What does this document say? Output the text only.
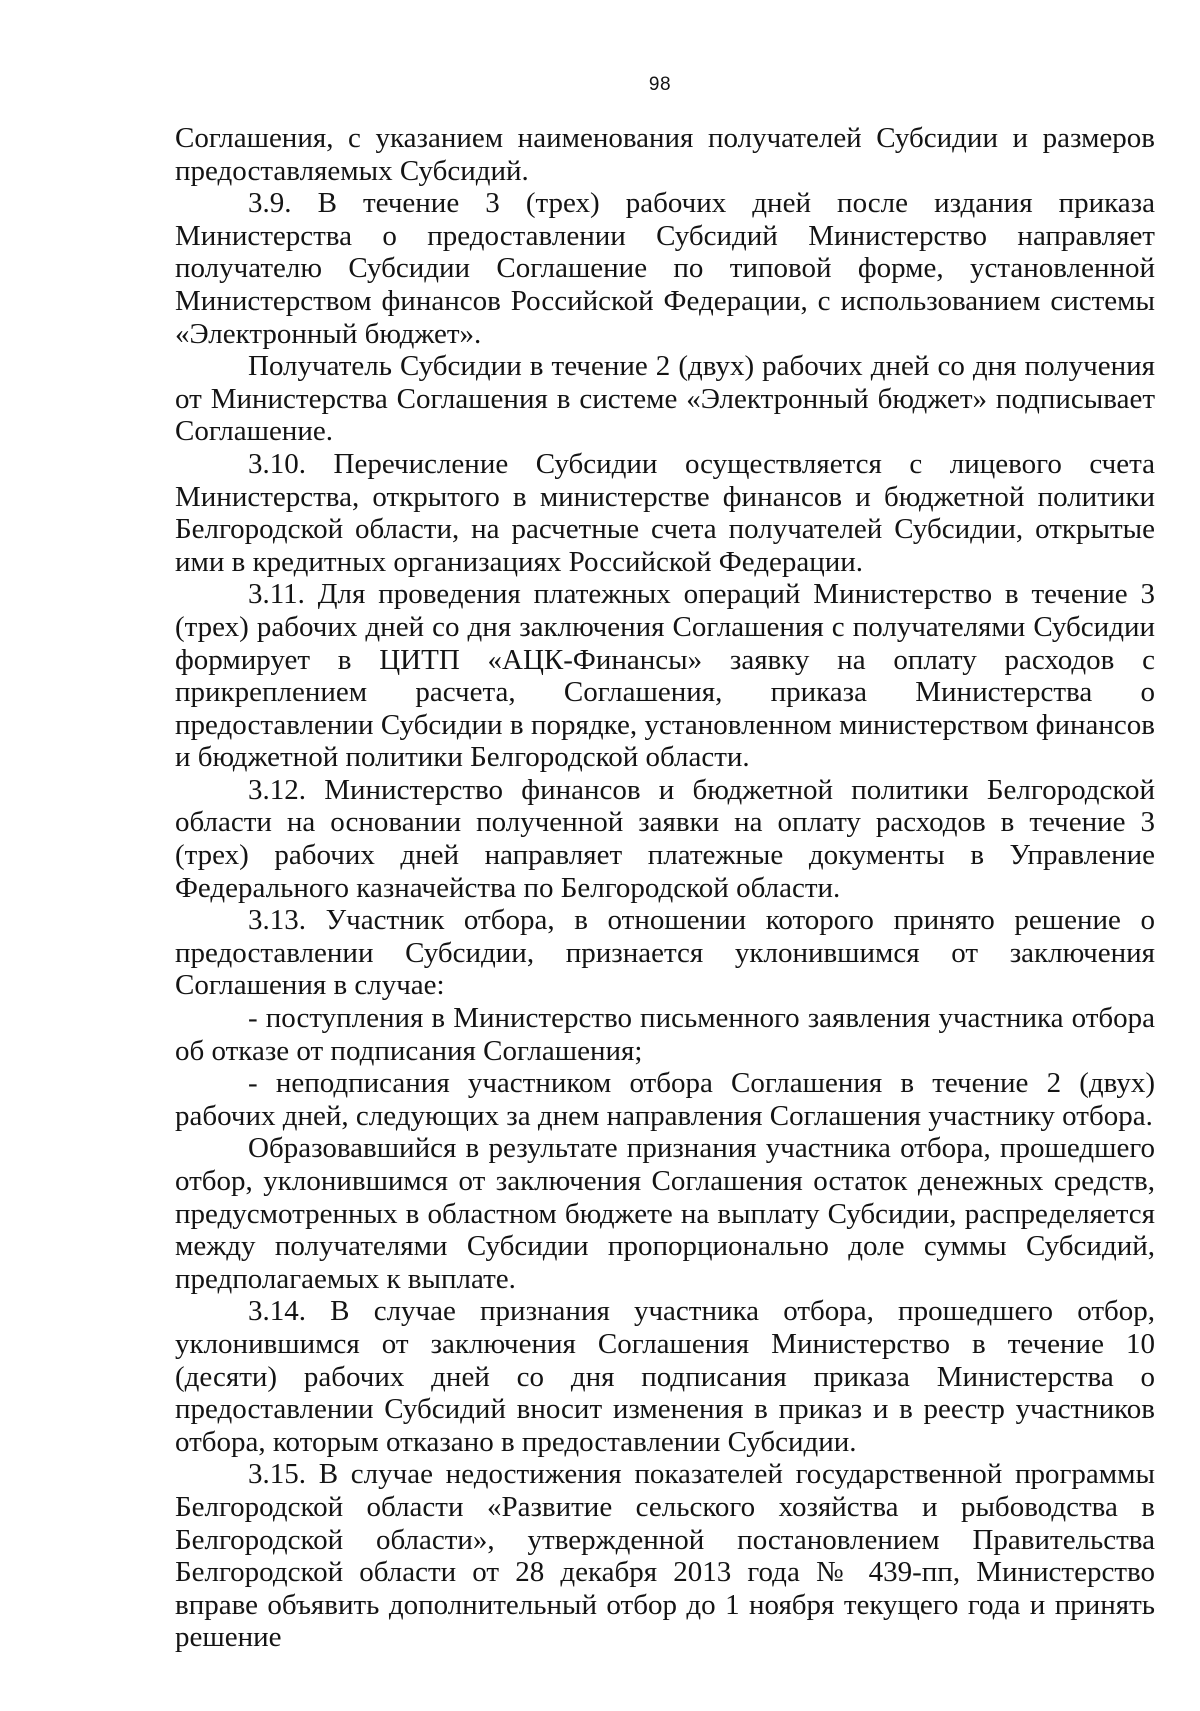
98

Соглашения, с указанием наименования получателей Субсидии и размеров предоставляемых Субсидий.

3.9. В течение 3 (трех) рабочих дней после издания приказа Министерства о предоставлении Субсидий Министерство направляет получателю Субсидии Соглашение по типовой форме, установленной Министерством финансов Российской Федерации, с использованием системы «Электронный бюджет».

Получатель Субсидии в течение 2 (двух) рабочих дней со дня получения от Министерства Соглашения в системе «Электронный бюджет» подписывает Соглашение.

3.10. Перечисление Субсидии осуществляется с лицевого счета Министерства, открытого в министерстве финансов и бюджетной политики Белгородской области, на расчетные счета получателей Субсидии, открытые ими в кредитных организациях Российской Федерации.

3.11. Для проведения платежных операций Министерство в течение 3 (трех) рабочих дней со дня заключения Соглашения с получателями Субсидии формирует в ЦИТП «АЦК-Финансы» заявку на оплату расходов с прикреплением расчета, Соглашения, приказа Министерства о предоставлении Субсидии в порядке, установленном министерством финансов и бюджетной политики Белгородской области.

3.12. Министерство финансов и бюджетной политики Белгородской области на основании полученной заявки на оплату расходов в течение 3 (трех) рабочих дней направляет платежные документы в Управление Федерального казначейства по Белгородской области.

3.13. Участник отбора, в отношении которого принято решение о предоставлении Субсидии, признается уклонившимся от заключения Соглашения в случае:

- поступления в Министерство письменного заявления участника отбора об отказе от подписания Соглашения;

- неподписания участником отбора Соглашения в течение 2 (двух) рабочих дней, следующих за днем направления Соглашения участнику отбора.

Образовавшийся в результате признания участника отбора, прошедшего отбор, уклонившимся от заключения Соглашения остаток денежных средств, предусмотренных в областном бюджете на выплату Субсидии, распределяется между получателями Субсидии пропорционально доле суммы Субсидий, предполагаемых к выплате.

3.14. В случае признания участника отбора, прошедшего отбор, уклонившимся от заключения Соглашения Министерство в течение 10 (десяти) рабочих дней со дня подписания приказа Министерства о предоставлении Субсидий вносит изменения в приказ и в реестр участников отбора, которым отказано в предоставлении Субсидии.

3.15. В случае недостижения показателей государственной программы Белгородской области «Развитие сельского хозяйства и рыбоводства в Белгородской области», утвержденной постановлением Правительства Белгородской области от 28 декабря 2013 года № 439-пп, Министерство вправе объявить дополнительный отбор до 1 ноября текущего года и принять решение
